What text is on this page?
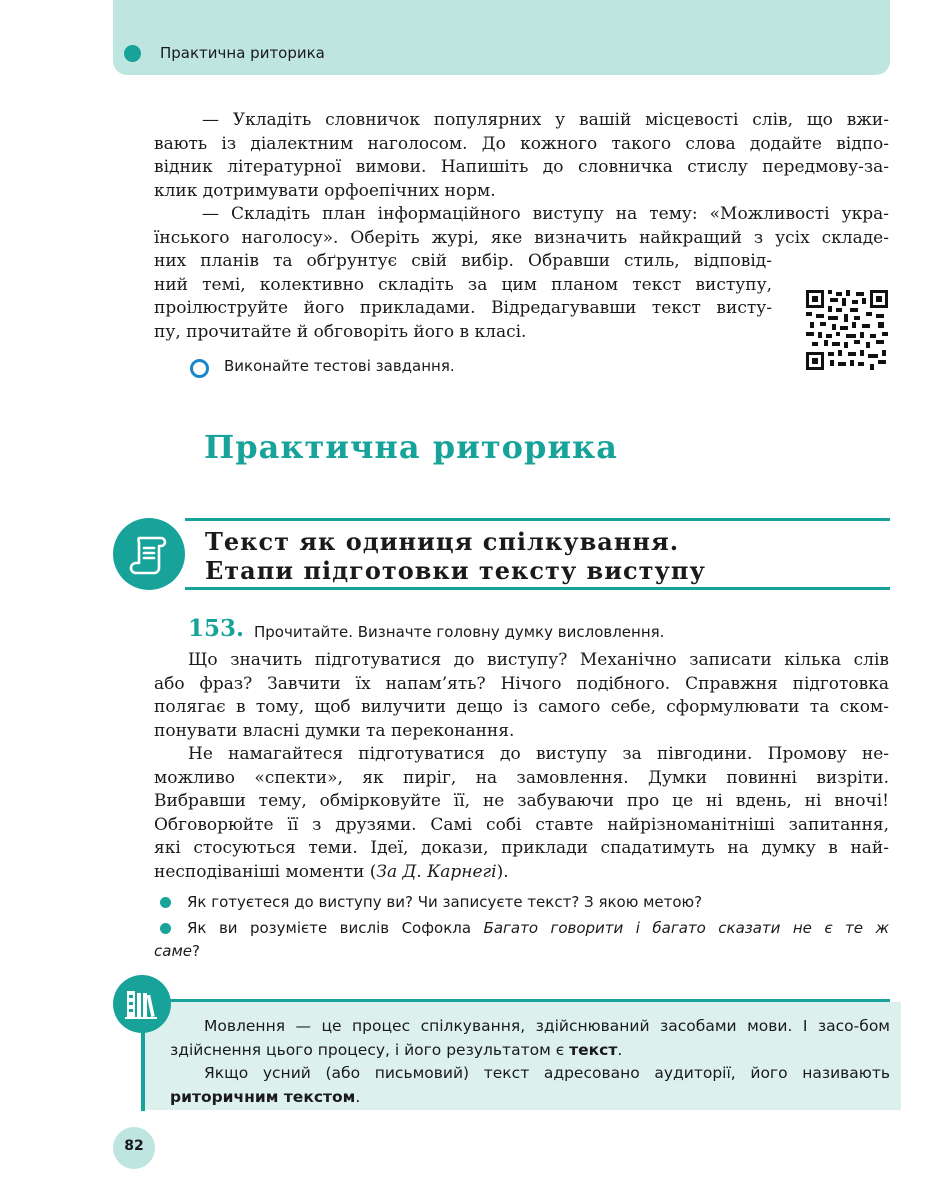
Практична риторика
— Укладіть словничок популярних у вашій місцевості слів, що вжи-
вають із діалектним наголосом. До кожного такого слова додайте відпо-
відник літературної вимови. Напишіть до словничка стислу передмову-за-
клик дотримувати орфоепічних норм.
— Складіть план інформаційного виступу на тему: «Можливості укра-
їнського наголосу». Оберіть журі, яке визначить найкращий з усіх складе-
них планів та обґрунтує свій вибір. Обравши стиль, відповід-
ний темі, колективно складіть за цим планом текст виступу,
проілюструйте його прикладами. Відредагувавши текст висту-
пу, прочитайте й обговоріть його в класі.
Виконайте тестові завдання.
Практична риторика
Текст як одиниця спілкування.
Етапи підготовки тексту виступу
153. Прочитайте. Визначте головну думку висловлення.
Що значить підготуватися до виступу? Механічно записати кілька слів
або фраз? Завчити їх напам’ять? Нічого подібного. Справжня підготовка
полягає в тому, щоб вилучити дещо із самого себе, сформулювати та ском-
понувати власні думки та переконання.
Не намагайтеся підготуватися до виступу за півгодини. Промову не-
можливо «спекти», як пиріг, на замовлення. Думки повинні визріти.
Вибравши тему, обмірковуйте її, не забуваючи про це ні вдень, ні вночі!
Обговорюйте її з друзями. Самі собі ставте найрізноманітніші запитання,
які стосуються теми. Ідеї, докази, приклади спадатимуть на думку в най-
несподіваніші моменти (За Д. Карнегі).
Як готуєтеся до виступу ви? Чи записуєте текст? З якою метою?
Як ви розумієте вислів Софокла Багато говорити і багато сказати не є те ж
саме?

Мовлення — це процес спілкування, здійснюваний засобами мови. І засо-бом здійснення цього процесу, і його результатом є текст.

Якщо усний (або письмовий) текст адресовано аудиторії, його називають риторичним текстом.

82
